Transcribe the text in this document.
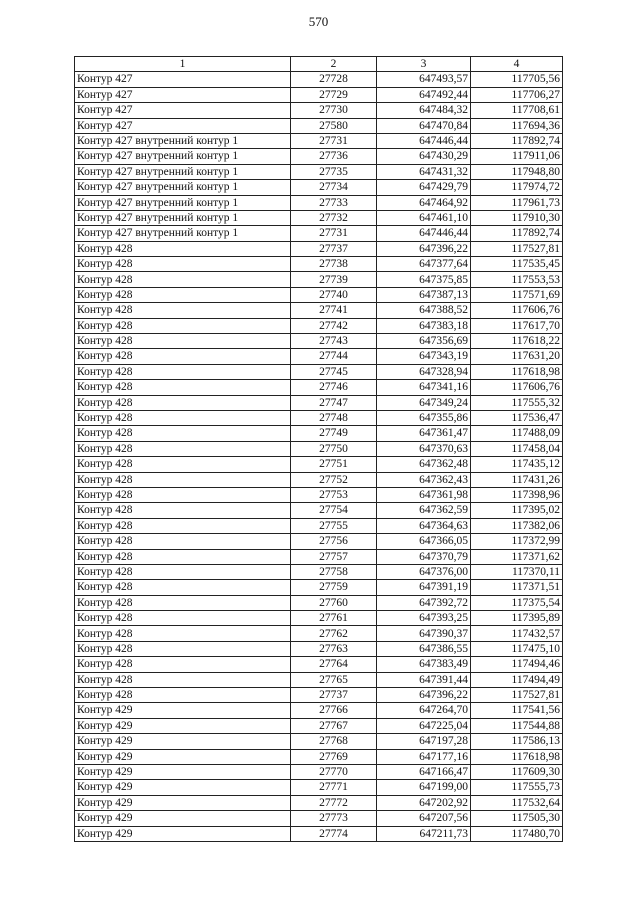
570
1	2	3	4
Контур 427	27728	647493,57	117705,56
Контур 427	27729	647492,44	117706,27
Контур 427	27730	647484,32	117708,61
Контур 427	27580	647470,84	117694,36
Контур 427 внутренний контур 1	27731	647446,44	117892,74
Контур 427 внутренний контур 1	27736	647430,29	117911,06
Контур 427 внутренний контур 1	27735	647431,32	117948,80
Контур 427 внутренний контур 1	27734	647429,79	117974,72
Контур 427 внутренний контур 1	27733	647464,92	117961,73
Контур 427 внутренний контур 1	27732	647461,10	117910,30
Контур 427 внутренний контур 1	27731	647446,44	117892,74
Контур 428	27737	647396,22	117527,81
Контур 428	27738	647377,64	117535,45
Контур 428	27739	647375,85	117553,53
Контур 428	27740	647387,13	117571,69
Контур 428	27741	647388,52	117606,76
Контур 428	27742	647383,18	117617,70
Контур 428	27743	647356,69	117618,22
Контур 428	27744	647343,19	117631,20
Контур 428	27745	647328,94	117618,98
Контур 428	27746	647341,16	117606,76
Контур 428	27747	647349,24	117555,32
Контур 428	27748	647355,86	117536,47
Контур 428	27749	647361,47	117488,09
Контур 428	27750	647370,63	117458,04
Контур 428	27751	647362,48	117435,12
Контур 428	27752	647362,43	117431,26
Контур 428	27753	647361,98	117398,96
Контур 428	27754	647362,59	117395,02
Контур 428	27755	647364,63	117382,06
Контур 428	27756	647366,05	117372,99
Контур 428	27757	647370,79	117371,62
Контур 428	27758	647376,00	117370,11
Контур 428	27759	647391,19	117371,51
Контур 428	27760	647392,72	117375,54
Контур 428	27761	647393,25	117395,89
Контур 428	27762	647390,37	117432,57
Контур 428	27763	647386,55	117475,10
Контур 428	27764	647383,49	117494,46
Контур 428	27765	647391,44	117494,49
Контур 428	27737	647396,22	117527,81
Контур 429	27766	647264,70	117541,56
Контур 429	27767	647225,04	117544,88
Контур 429	27768	647197,28	117586,13
Контур 429	27769	647177,16	117618,98
Контур 429	27770	647166,47	117609,30
Контур 429	27771	647199,00	117555,73
Контур 429	27772	647202,92	117532,64
Контур 429	27773	647207,56	117505,30
Контур 429	27774	647211,73	117480,70
